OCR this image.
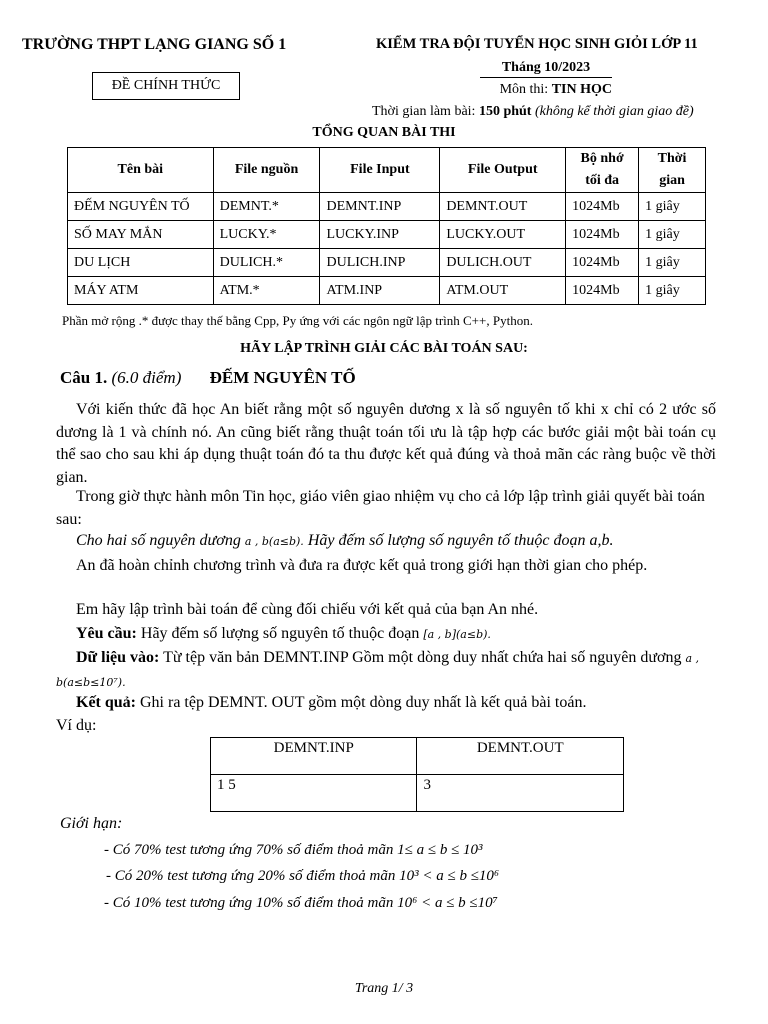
TRƯỜNG THPT LẠNG GIANG SỐ 1
ĐỀ CHÍNH THỨC
KIỂM TRA ĐỘI TUYỂN HỌC SINH GIỎI LỚP 11
Tháng 10/2023
Môn thi: TIN HỌC
Thời gian làm bài: 150 phút (không kể thời gian giao đề)
TỔNG QUAN BÀI THI
Tên bài	File nguồn	File Input	File Output	Bộ nhớ tối đa	Thời gian
ĐẾM NGUYÊN TỐ	DEMNT.*	DEMNT.INP	DEMNT.OUT	1024Mb	1 giây
SỐ MAY MẮN	LUCKY.*	LUCKY.INP	LUCKY.OUT	1024Mb	1 giây
DU LỊCH	DULICH.*	DULICH.INP	DULICH.OUT	1024Mb	1 giây
MÁY ATM	ATM.*	ATM.INP	ATM.OUT	1024Mb	1 giây
Phần mở rộng .* được thay thế bằng Cpp, Py ứng với các ngôn ngữ lập trình C++, Python.
HÃY LẬP TRÌNH GIẢI CÁC BÀI TOÁN SAU:
Câu 1. (6.0 điểm) ĐẾM NGUYÊN TỐ
Với kiến thức đã học An biết rằng một số nguyên dương x là số nguyên tố khi x chỉ có 2 ước số dương là 1 và chính nó. An cũng biết rằng thuật toán tối ưu là tập hợp các bước giải một bài toán cụ thể sao cho sau khi áp dụng thuật toán đó ta thu được kết quả đúng và thoả mãn các ràng buộc về thời gian.
Trong giờ thực hành môn Tin học, giáo viên giao nhiệm vụ cho cả lớp lập trình giải quyết bài toán sau:
Cho hai số nguyên dương a , b(a≤b). Hãy đếm số lượng số nguyên tố thuộc đoạn a,b.
An đã hoàn chỉnh chương trình và đưa ra được kết quả trong giới hạn thời gian cho phép.
Em hãy lập trình bài toán để cùng đối chiếu với kết quả của bạn An nhé.
Yêu cầu: Hãy đếm số lượng số nguyên tố thuộc đoạn [a , b](a≤b).
Dữ liệu vào: Từ tệp văn bản DEMNT.INP Gồm một dòng duy nhất chứa hai số nguyên dương a , b(a≤b≤10⁷).
Kết quả: Ghi ra tệp DEMNT. OUT gồm một dòng duy nhất là kết quả bài toán.
Ví dụ:
DEMNT.INP	DEMNT.OUT
1 5	3
Giới hạn:
- Có 70% test tương ứng 70% số điểm thoả mãn 1≤ a ≤ b ≤ 10³
- Có 20% test tương ứng 20% số điểm thoả mãn 10³ < a ≤ b ≤10⁶
- Có 10% test tương ứng 10% số điểm thoả mãn 10⁶ < a ≤ b ≤10⁷
Trang 1/ 3
